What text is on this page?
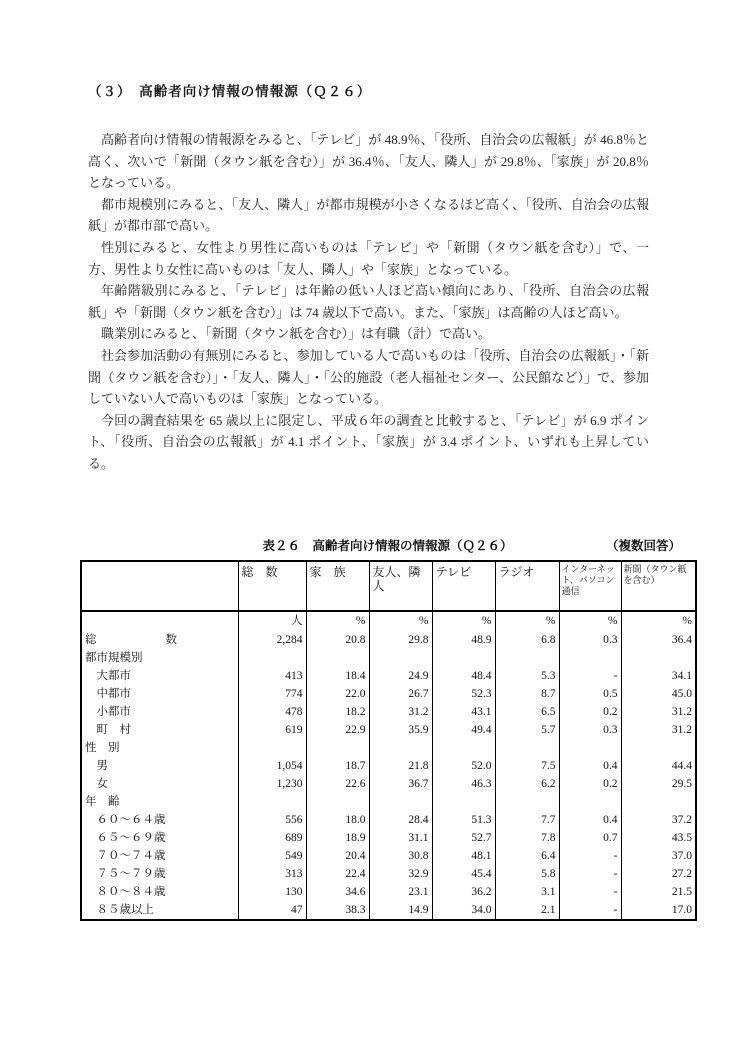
（３）　高齢者向け情報の情報源（Ｑ２６）

高齢者向け情報の情報源をみると、「テレビ」が 48.9％、「役所、自治会の広報紙」が 46.8％と高く、次いで「新聞（タウン紙を含む）」が 36.4％、「友人、隣人」が 29.8％、「家族」が 20.8％となっている。

都市規模別にみると、「友人、隣人」が都市規模が小さくなるほど高く、「役所、自治会の広報紙」が都市部で高い。

性別にみると、女性より男性に高いものは「テレビ」や「新聞（タウン紙を含む）」で、一方、男性より女性に高いものは「友人、隣人」や「家族」となっている。

年齢階級別にみると、「テレビ」は年齢の低い人ほど高い傾向にあり、「役所、自治会の広報紙」や「新聞（タウン紙を含む）」は 74 歳以下で高い。また、「家族」は高齢の人ほど高い。

職業別にみると、「新聞（タウン紙を含む）」は有職（計）で高い。

社会参加活動の有無別にみると、参加している人で高いものは「役所、自治会の広報紙」・「新聞（タウン紙を含む）」・「友人、隣人」・「公的施設（老人福祉センター、公民館など）」で、参加していない人で高いものは「家族」となっている。

今回の調査結果を 65 歳以上に限定し、平成６年の調査と比較すると、「テレビ」が 6.9 ポイント、「役所、自治会の広報紙」が 4.1 ポイント、「家族」が 3.4 ポイント、いずれも上昇している。

表２６　高齢者向け情報の情報源（Ｑ２６）	（複数回答）
	総　数	家　族	友人、隣人	テレビ	ラジオ	インターネット、パソコン通信	新聞（タウン紙を含む）
	人	%	%	%	%	%	%
総　　　　　　数	2,284	20.8	29.8	48.9	6.8	0.3	36.4
都市規模別							
　大都市	413	18.4	24.9	48.4	5.3	-	34.1
　中都市	774	22.0	26.7	52.3	8.7	0.5	45.0
　小都市	478	18.2	31.2	43.1	6.5	0.2	31.2
　町　村	619	22.9	35.9	49.4	5.7	0.3	31.2
性　別							
　男	1,054	18.7	21.8	52.0	7.5	0.4	44.4
　女	1,230	22.6	36.7	46.3	6.2	0.2	29.5
年　齢							
　６０～６４歳	556	18.0	28.4	51.3	7.7	0.4	37.2
　６５～６９歳	689	18.9	31.1	52.7	7.8	0.7	43.5
　７０～７４歳	549	20.4	30.8	48.1	6.4	-	37.0
　７５～７９歳	313	22.4	32.9	45.4	5.8	-	27.2
　８０～８４歳	130	34.6	23.1	36.2	3.1	-	21.5
　８５歳以上	47	38.3	14.9	34.0	2.1	-	17.0
